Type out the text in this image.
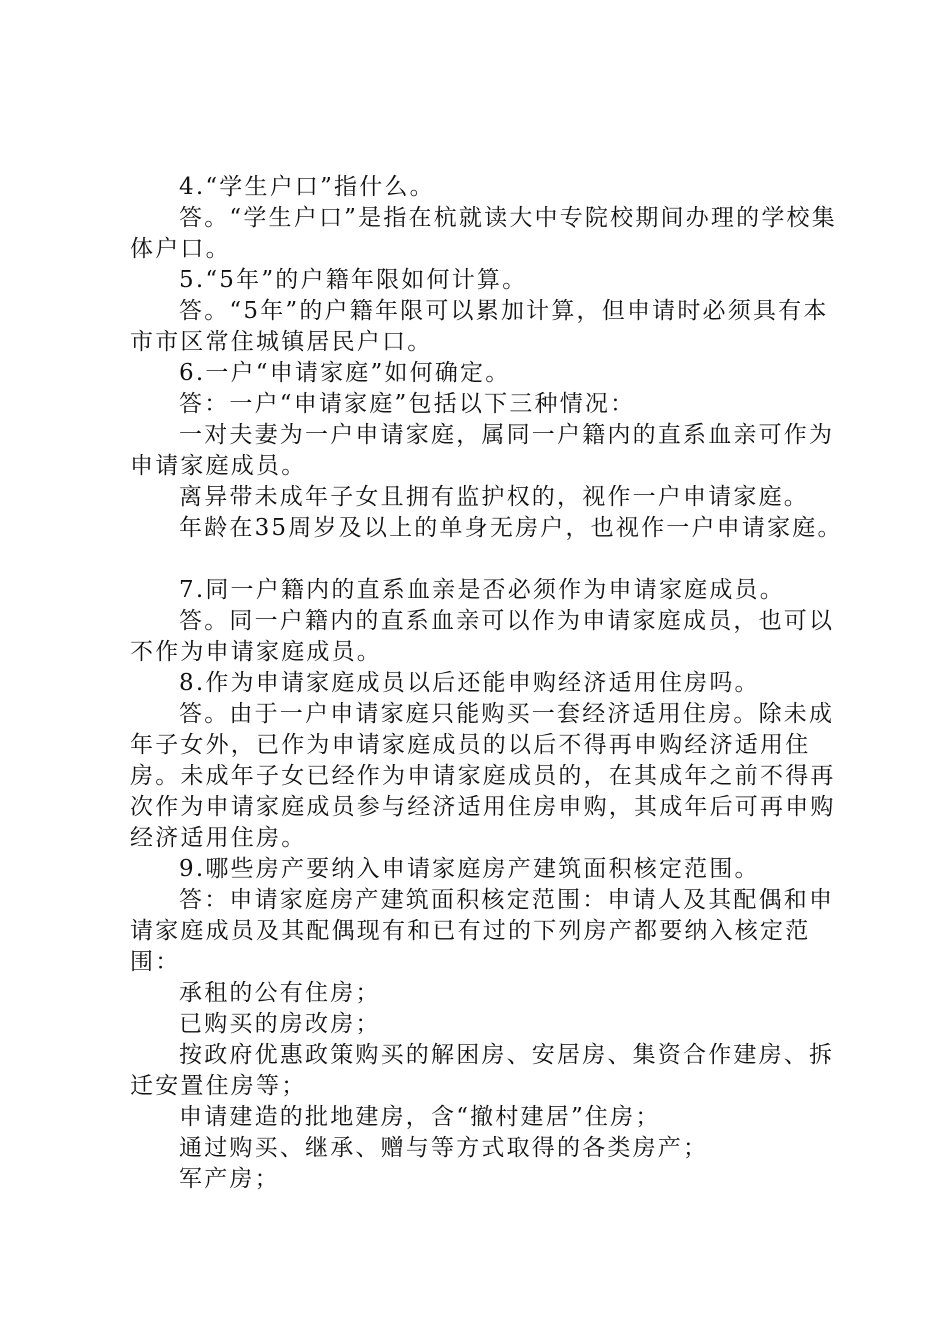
4.“学生户口”指什么。

答。“学生户口”是指在杭就读大中专院校期间办理的学校集体户口。

5.“5年”的户籍年限如何计算。

答。“5年”的户籍年限可以累加计算，但申请时必须具有本市市区常住城镇居民户口。

6.一户“申请家庭”如何确定。

答：一户“申请家庭”包括以下三种情况：

一对夫妻为一户申请家庭，属同一户籍内的直系血亲可作为申请家庭成员。

离异带未成年子女且拥有监护权的，视作一户申请家庭。

年龄在35周岁及以上的单身无房户，也视作一户申请家庭。

7.同一户籍内的直系血亲是否必须作为申请家庭成员。

答。同一户籍内的直系血亲可以作为申请家庭成员，也可以不作为申请家庭成员。

8.作为申请家庭成员以后还能申购经济适用住房吗。

答。由于一户申请家庭只能购买一套经济适用住房。除未成年子女外，已作为申请家庭成员的以后不得再申购经济适用住房。未成年子女已经作为申请家庭成员的，在其成年之前不得再次作为申请家庭成员参与经济适用住房申购，其成年后可再申购经济适用住房。

9.哪些房产要纳入申请家庭房产建筑面积核定范围。

答：申请家庭房产建筑面积核定范围：申请人及其配偶和申请家庭成员及其配偶现有和已有过的下列房产都要纳入核定范围：

承租的公有住房；

已购买的房改房；

按政府优惠政策购买的解困房、安居房、集资合作建房、拆迁安置住房等；

申请建造的批地建房，含“撤村建居”住房；

通过购买、继承、赠与等方式取得的各类房产；

军产房；
